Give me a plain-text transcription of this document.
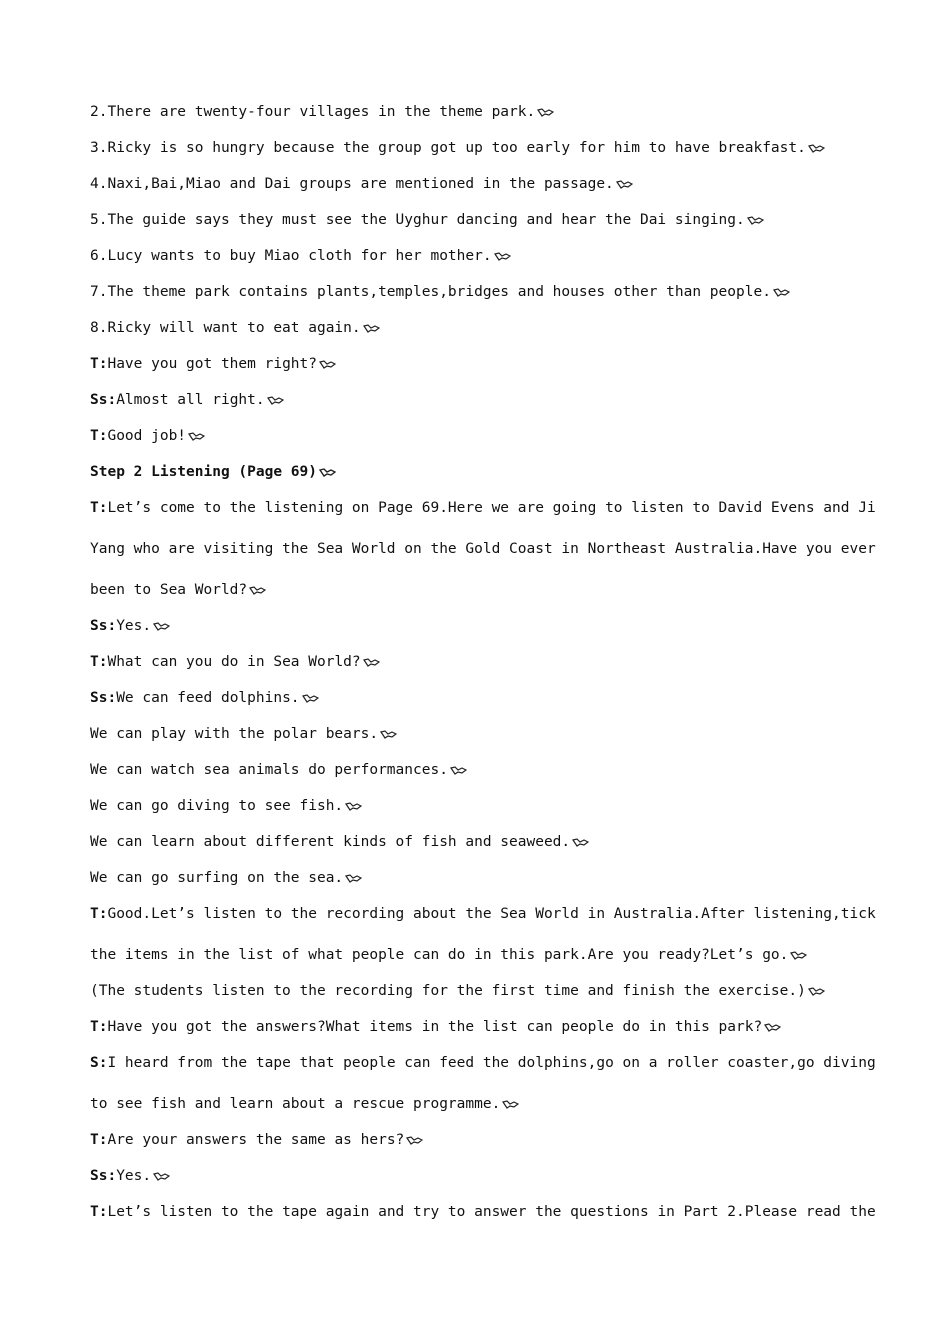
2.There are twenty-four villages in the theme park.
3.Ricky is so hungry because the group got up too early for him to have breakfast.
4.Naxi,Bai,Miao and Dai groups are mentioned in the passage.
5.The guide says they must see the Uyghur dancing and hear the Dai singing.
6.Lucy wants to buy Miao cloth for her mother.
7.The theme park contains plants,temples,bridges and houses other than people.
8.Ricky will want to eat again.
T:Have you got them right?
Ss:Almost all right.
T:Good job!
Step 2 Listening (Page 69)
T:Let’s come to the listening on Page 69.Here we are going to listen to David Evens and Ji
Yang who are visiting the Sea World on the Gold Coast in Northeast Australia.Have you ever
been to Sea World?
Ss:Yes.
T:What can you do in Sea World?
Ss:We can feed dolphins.
We can play with the polar bears.
We can watch sea animals do performances.
We can go diving to see fish.
We can learn about different kinds of fish and seaweed.
We can go surfing on the sea.
T:Good.Let’s listen to the recording about the Sea World in Australia.After listening,tick
the items in the list of what people can do in this park.Are you ready?Let’s go.
(The students listen to the recording for the first time and finish the exercise.)
T:Have you got the answers?What items in the list can people do in this park?
S:I heard from the tape that people can feed the dolphins,go on a roller coaster,go diving
to see fish and learn about a rescue programme.
T:Are your answers the same as hers?
Ss:Yes.
T:Let’s listen to the tape again and try to answer the questions in Part 2.Please read the
